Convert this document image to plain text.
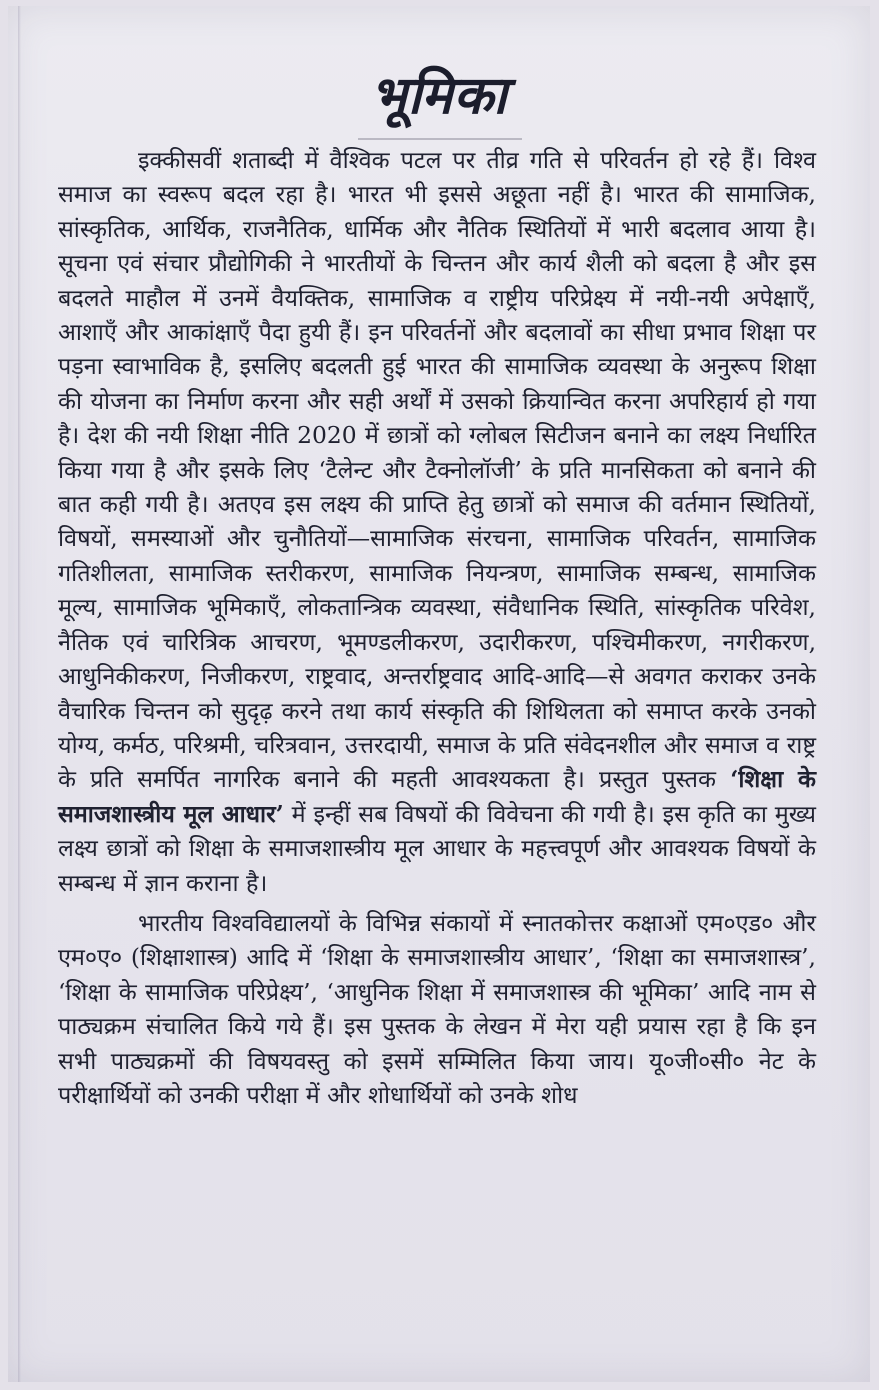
भूमिका

इक्कीसवीं शताब्दी में वैश्विक पटल पर तीव्र गति से परिवर्तन हो रहे हैं। विश्व समाज का स्वरूप बदल रहा है। भारत भी इससे अछूता नहीं है। भारत की सामाजिक, सांस्कृतिक, आर्थिक, राजनैतिक, धार्मिक और नैतिक स्थितियों में भारी बदलाव आया है। सूचना एवं संचार प्रौद्योगिकी ने भारतीयों के चिन्तन और कार्य शैली को बदला है और इस बदलते माहौल में उनमें वैयक्तिक, सामाजिक व राष्ट्रीय परिप्रेक्ष्य में नयी-नयी अपेक्षाएँ, आशाएँ और आकांक्षाएँ पैदा हुयी हैं। इन परिवर्तनों और बदलावों का सीधा प्रभाव शिक्षा पर पड़ना स्वाभाविक है, इसलिए बदलती हुई भारत की सामाजिक व्यवस्था के अनुरूप शिक्षा की योजना का निर्माण करना और सही अर्थों में उसको क्रियान्वित करना अपरिहार्य हो गया है। देश की नयी शिक्षा नीति 2020 में छात्रों को ग्लोबल सिटीजन बनाने का लक्ष्य निर्धारित किया गया है और इसके लिए ‘टैलेन्ट और टैक्नोलॉजी’ के प्रति मानसिकता को बनाने की बात कही गयी है। अतएव इस लक्ष्य की प्राप्ति हेतु छात्रों को समाज की वर्तमान स्थितियों, विषयों, समस्याओं और चुनौतियों—सामाजिक संरचना, सामाजिक परिवर्तन, सामाजिक गतिशीलता, सामाजिक स्तरीकरण, सामाजिक नियन्त्रण, सामाजिक सम्बन्ध, सामाजिक मूल्य, सामाजिक भूमिकाएँ, लोकतान्त्रिक व्यवस्था, संवैधानिक स्थिति, सांस्कृतिक परिवेश, नैतिक एवं चारित्रिक आचरण, भूमण्डलीकरण, उदारीकरण, पश्चिमीकरण, नगरीकरण, आधुनिकीकरण, निजीकरण, राष्ट्रवाद, अन्तर्राष्ट्रवाद आदि-आदि—से अवगत कराकर उनके वैचारिक चिन्तन को सुदृढ़ करने तथा कार्य संस्कृति की शिथिलता को समाप्त करके उनको योग्य, कर्मठ, परिश्रमी, चरित्रवान, उत्तरदायी, समाज के प्रति संवेदनशील और समाज व राष्ट्र के प्रति समर्पित नागरिक बनाने की महती आवश्यकता है। प्रस्तुत पुस्तक ‘शिक्षा के समाजशास्त्रीय मूल आधार’ में इन्हीं सब विषयों की विवेचना की गयी है। इस कृति का मुख्य लक्ष्य छात्रों को शिक्षा के समाजशास्त्रीय मूल आधार के महत्त्वपूर्ण और आवश्यक विषयों के सम्बन्ध में ज्ञान कराना है।

भारतीय विश्वविद्यालयों के विभिन्न संकायों में स्नातकोत्तर कक्षाओं एम०एड० और एम०ए० (शिक्षाशास्त्र) आदि में ‘शिक्षा के समाजशास्त्रीय आधार’, ‘शिक्षा का समाजशास्त्र’, ‘शिक्षा के सामाजिक परिप्रेक्ष्य’, ‘आधुनिक शिक्षा में समाजशास्त्र की भूमिका’ आदि नाम से पाठ्यक्रम संचालित किये गये हैं। इस पुस्तक के लेखन में मेरा यही प्रयास रहा है कि इन सभी पाठ्यक्रमों की विषयवस्तु को इसमें सम्मिलित किया जाय। यू०जी०सी० नेट के परीक्षार्थियों को उनकी परीक्षा में और शोधार्थियों को उनके शोध
